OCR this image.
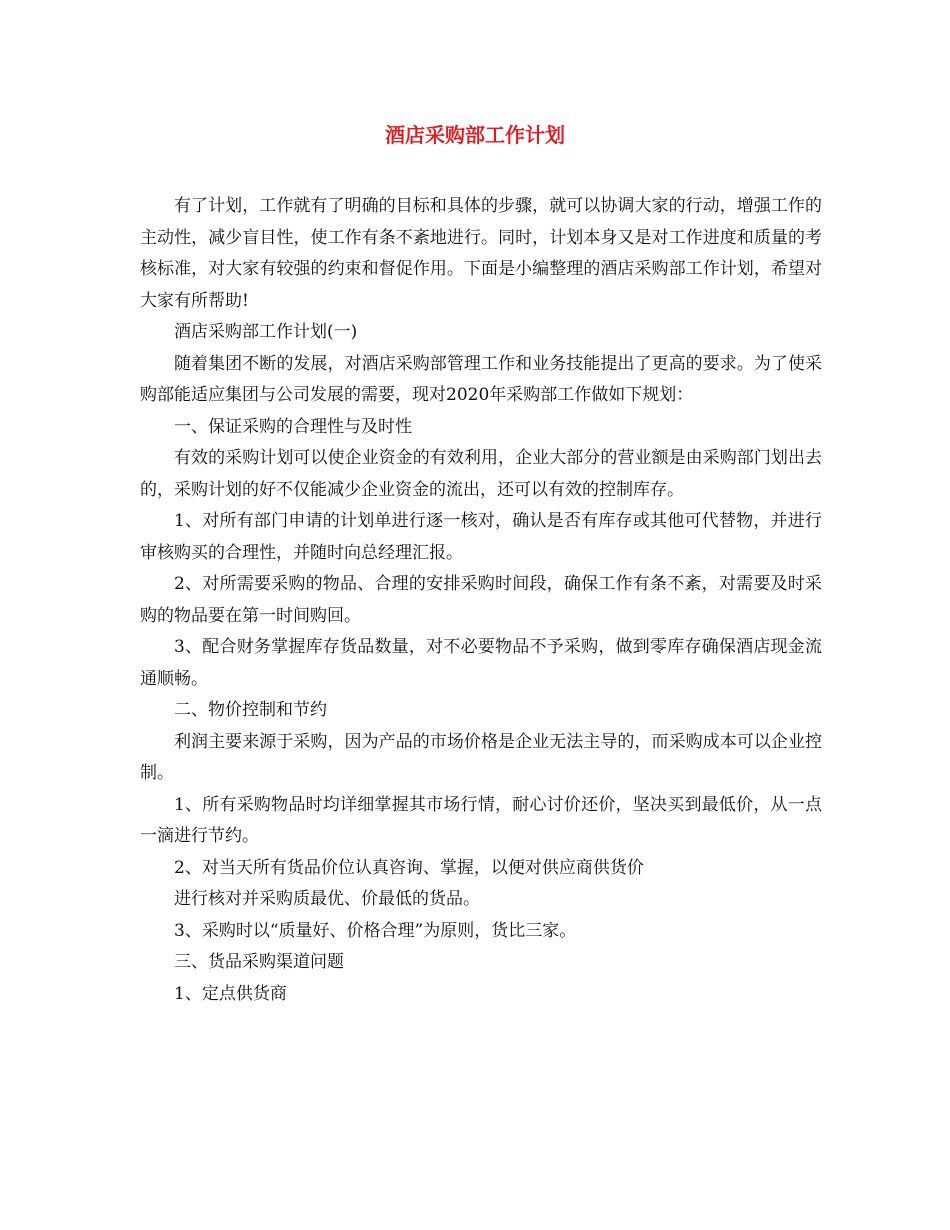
酒店采购部工作计划

有了计划，工作就有了明确的目标和具体的步骤，就可以协调大家的行动，增强工作的主动性，减少盲目性，使工作有条不紊地进行。同时，计划本身又是对工作进度和质量的考核标准，对大家有较强的约束和督促作用。下面是小编整理的酒店采购部工作计划，希望对大家有所帮助!

酒店采购部工作计划(一)

随着集团不断的发展，对酒店采购部管理工作和业务技能提出了更高的要求。为了使采购部能适应集团与公司发展的需要，现对2020年采购部工作做如下规划：

一、保证采购的合理性与及时性

有效的采购计划可以使企业资金的有效利用，企业大部分的营业额是由采购部门划出去的，采购计划的好不仅能减少企业资金的流出，还可以有效的控制库存。

1、对所有部门申请的计划单进行逐一核对，确认是否有库存或其他可代替物，并进行审核购买的合理性，并随时向总经理汇报。

2、对所需要采购的物品、合理的安排采购时间段，确保工作有条不紊，对需要及时采购的物品要在第一时间购回。

3、配合财务掌握库存货品数量，对不必要物品不予采购，做到零库存确保酒店现金流通顺畅。

二、物价控制和节约

利润主要来源于采购，因为产品的市场价格是企业无法主导的，而采购成本可以企业控制。

1、所有采购物品时均详细掌握其市场行情，耐心讨价还价，坚决买到最低价，从一点一滴进行节约。

2、对当天所有货品价位认真咨询、掌握，以便对供应商供货价

进行核对并采购质最优、价最低的货品。

3、采购时以“质量好、价格合理”为原则，货比三家。

三、货品采购渠道问题

1、定点供货商
